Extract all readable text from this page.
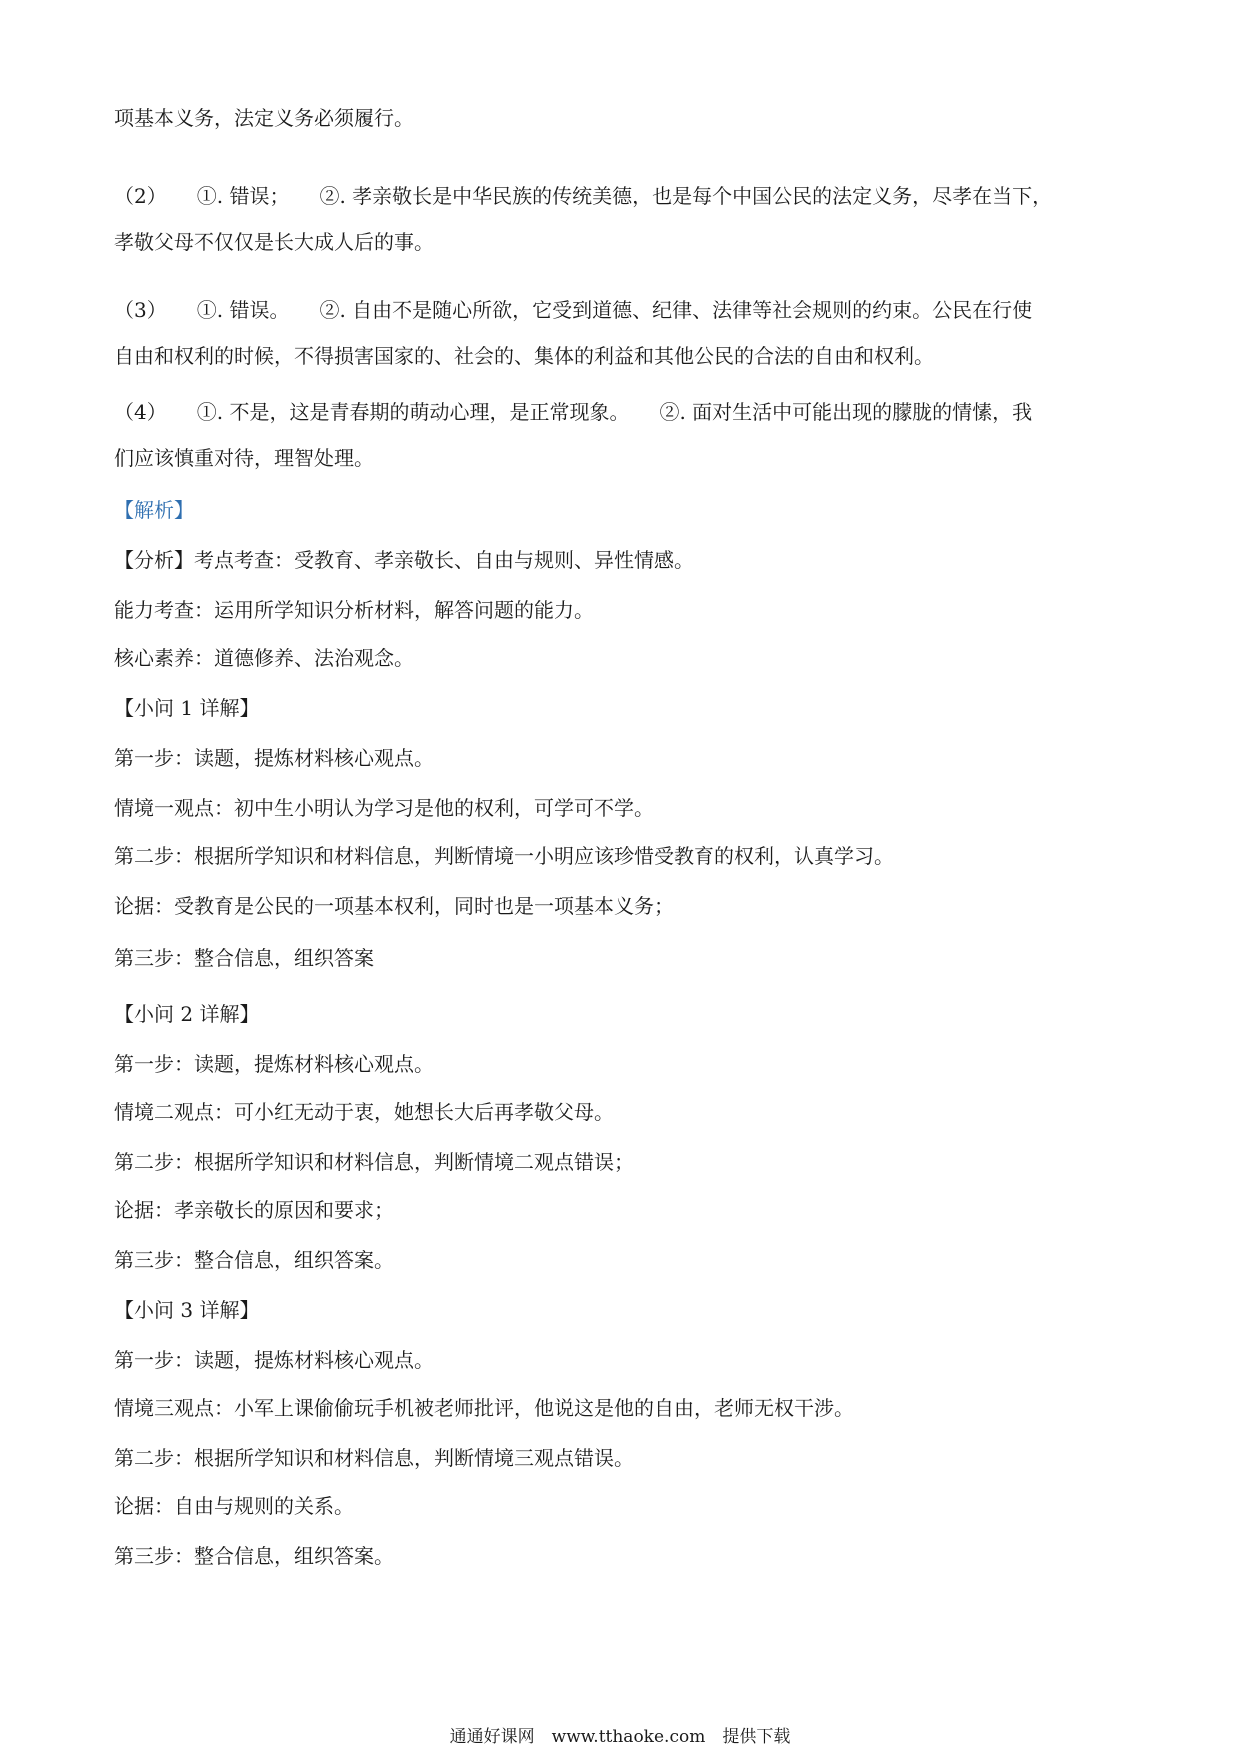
项基本义务，法定义务必须履行。
（2）　　①. 错误；　　②. 孝亲敬长是中华民族的传统美德，也是每个中国公民的法定义务，尽孝在当下，
孝敬父母不仅仅是长大成人后的事。
（3）　　①. 错误。　　②. 自由不是随心所欲，它受到道德、纪律、法律等社会规则的约束。公民在行使
自由和权利的时候，不得损害国家的、社会的、集体的利益和其他公民的合法的自由和权利。
（4）　　①. 不是，这是青春期的萌动心理，是正常现象。　　②. 面对生活中可能出现的朦胧的情愫，我
们应该慎重对待，理智处理。
【解析】
【分析】考点考查：受教育、孝亲敬长、自由与规则、异性情感。
能力考查：运用所学知识分析材料，解答问题的能力。
核心素养：道德修养、法治观念。
【小问 1 详解】
第一步：读题，提炼材料核心观点。
情境一观点：初中生小明认为学习是他的权利，可学可不学。
第二步：根据所学知识和材料信息，判断情境一小明应该珍惜受教育的权利，认真学习。
论据：受教育是公民的一项基本权利，同时也是一项基本义务；
第三步：整合信息，组织答案
【小问 2 详解】
第一步：读题，提炼材料核心观点。
情境二观点：可小红无动于衷，她想长大后再孝敬父母。
第二步：根据所学知识和材料信息，判断情境二观点错误；
论据：孝亲敬长的原因和要求；
第三步：整合信息，组织答案。
【小问 3 详解】
第一步：读题，提炼材料核心观点。
情境三观点：小军上课偷偷玩手机被老师批评，他说这是他的自由，老师无权干涉。
第二步：根据所学知识和材料信息，判断情境三观点错误。
论据：自由与规则的关系。
第三步：整合信息，组织答案。
通通好课网　www.tthaoke.com　提供下载
